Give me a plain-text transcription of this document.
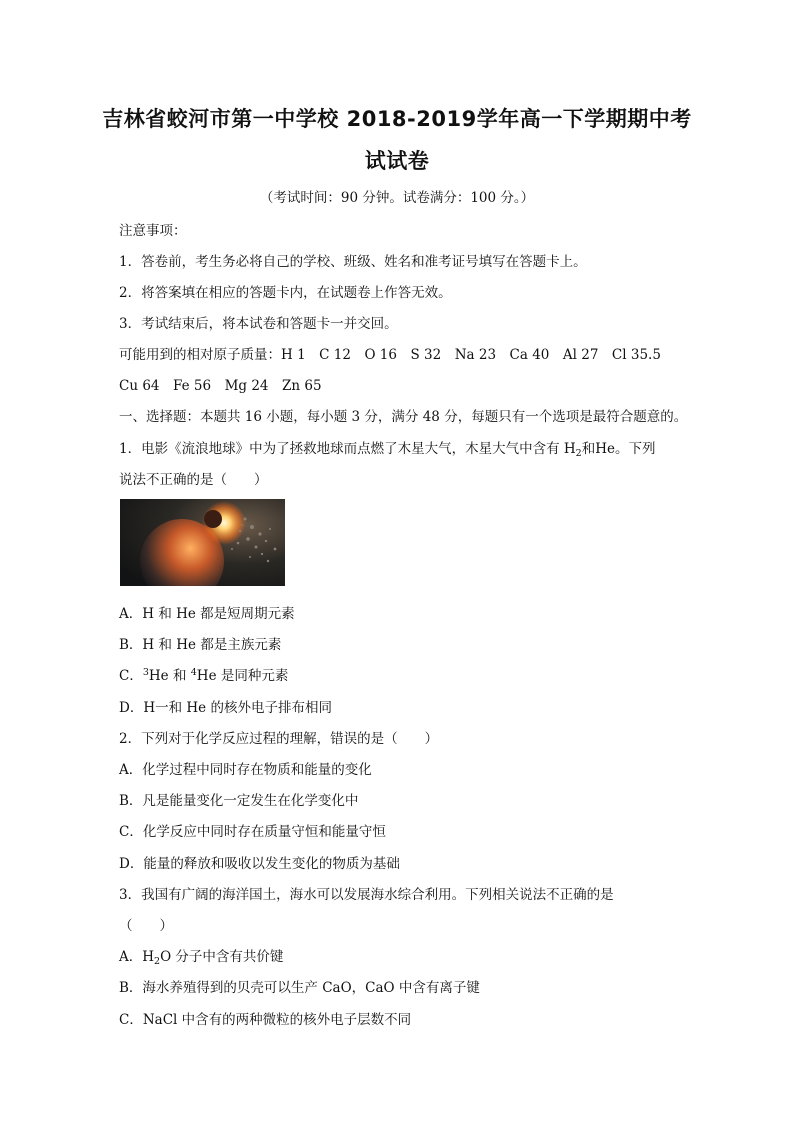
吉林省蛟河市第一中学校 2018-2019学年高一下学期期中考
试试卷
（考试时间：90 分钟。试卷满分：100 分。）
注意事项：
1．答卷前，考生务必将自己的学校、班级、姓名和准考证号填写在答题卡上。
2．将答案填在相应的答题卡内，在试题卷上作答无效。
3．考试结束后，将本试卷和答题卡一并交回。
可能用到的相对原子质量：H 1　C 12　O 16　S 32　Na 23　Ca 40　Al 27　Cl 35.5
Cu 64　Fe 56　Mg 24　Zn 65
一、选择题：本题共 16 小题，每小题 3 分，满分 48 分，每题只有一个选项是最符合题意的。
1．电影《流浪地球》中为了拯救地球而点燃了木星大气，木星大气中含有 $H_2$和He。下列
说法不正确的是（　　）
A．H 和 He 都是短周期元素
B．H 和 He 都是主族元素
C．$^3$He 和 $^4$He 是同种元素
D．H一和 He 的核外电子排布相同
2．下列对于化学反应过程的理解，错误的是（　　）
A．化学过程中同时存在物质和能量的变化
B．凡是能量变化一定发生在化学变化中
C．化学反应中同时存在质量守恒和能量守恒
D．能量的释放和吸收以发生变化的物质为基础
3．我国有广阔的海洋国土，海水可以发展海水综合利用。下列相关说法不正确的是
（　　）
A．$H_2O$ 分子中含有共价键
B．海水养殖得到的贝壳可以生产 CaO，CaO 中含有离子键
C．NaCl 中含有的两种微粒的核外电子层数不同
